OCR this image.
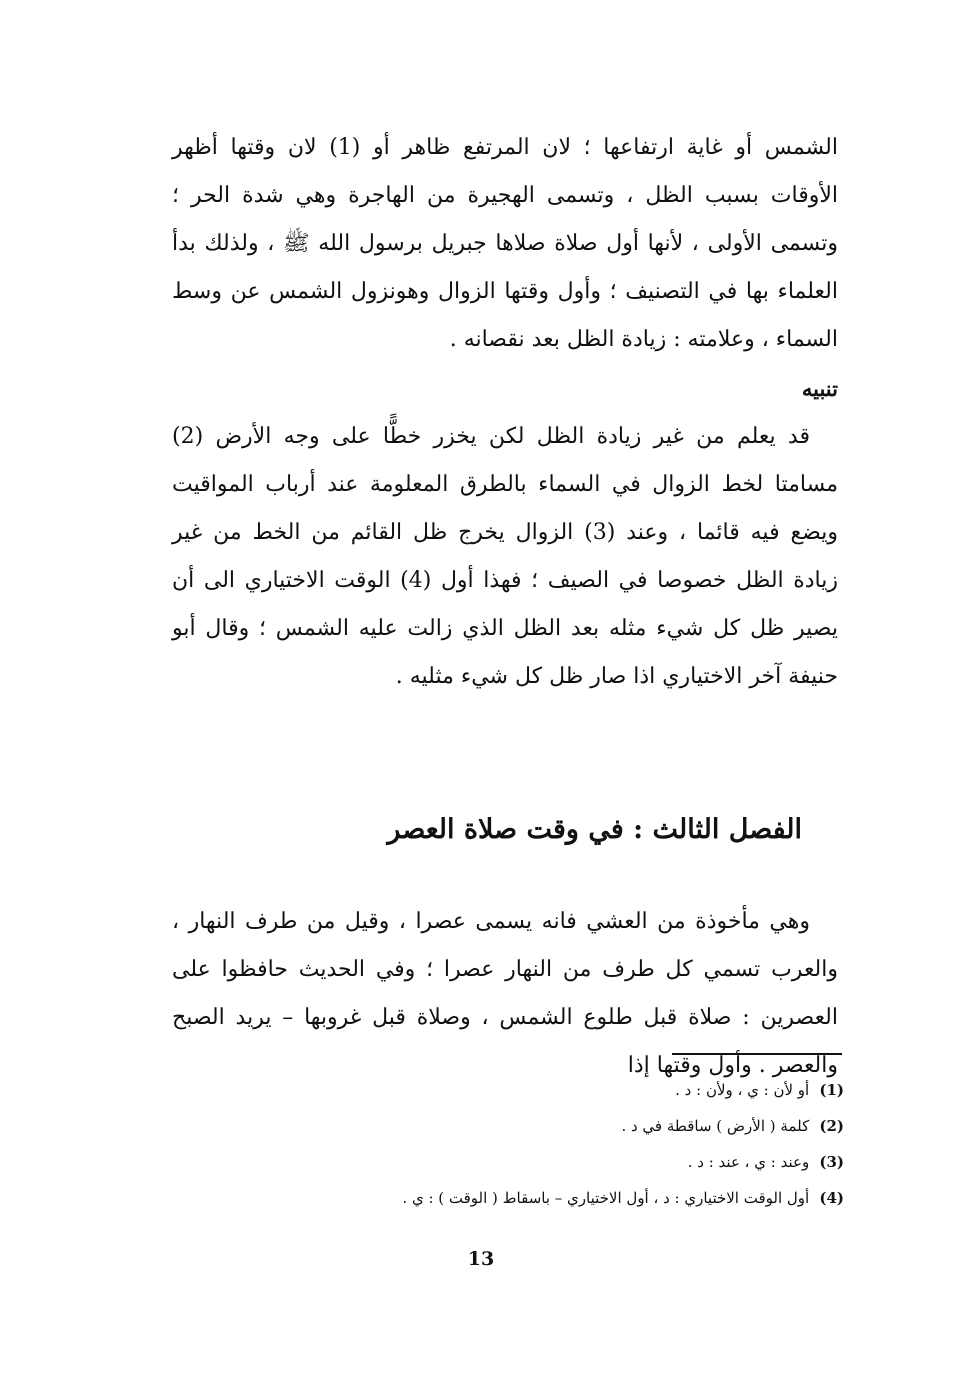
الشمس أو غاية ارتفاعها ؛ لان المرتفع ظاهر أو (1) لان وقتها أظهر الأوقات بسبب الظل ، وتسمى الهجيرة من الهاجرة وهي شدة الحر ؛ وتسمى الأولى ، لأنها أول صلاة صلاها جبريل برسول الله ﷺ ، ولذلك بدأ العلماء بها في التصنيف ؛ وأول وقتها الزوال وهونزول الشمس عن وسط السماء ، وعلامته : زيادة الظل بعد نقصانه .

تنبيه

قد يعلم من غير زيادة الظل لكن يخزر خطًّا على وجه الأرض (2) مسامتا لخط الزوال في السماء بالطرق المعلومة عند أرباب المواقيت ويضع فيه قائما ، وعند (3) الزوال يخرج ظل القائم من الخط من غير زيادة الظل خصوصا في الصيف ؛ فهذا أول (4) الوقت الاختياري الى أن يصير ظل كل شيء مثله بعد الظل الذي زالت عليه الشمس ؛ وقال أبو حنيفة آخر الاختياري اذا صار ظل كل شيء مثليه .

الفصل الثالث : في وقت صلاة العصر

وهي مأخوذة من العشي فانه يسمى عصرا ، وقيل من طرف النهار ، والعرب تسمي كل طرف من النهار عصرا ؛ وفي الحديث حافظوا على العصرين : صلاة قبل طلوع الشمس ، وصلاة قبل غروبها – يريد الصبح والعصر . وأول وقتها إذا

(1) أو لأن : ي ، ولأن : د .
(2) كلمة ( الأرض ) ساقطة في د .
(3) وعند : ي ، عند : د .
(4) أول الوقت الاختياري : د ، أول الاختياري – باسقاط ( الوقت ) : ي .
13
